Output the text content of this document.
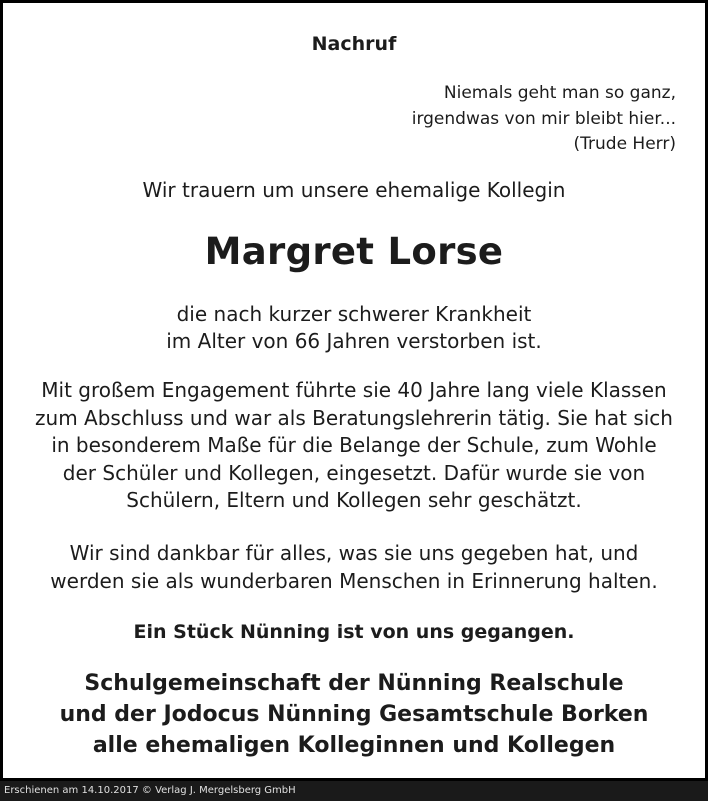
Nachruf
Niemals geht man so ganz,
irgendwas von mir bleibt hier...
(Trude Herr)
Wir trauern um unsere ehemalige Kollegin
Margret Lorse
die nach kurzer schwerer Krankheit
im Alter von 66 Jahren verstorben ist.
Mit großem Engagement führte sie 40 Jahre lang viele Klassen
zum Abschluss und war als Beratungslehrerin tätig. Sie hat sich
in besonderem Maße für die Belange der Schule, zum Wohle
der Schüler und Kollegen, eingesetzt. Dafür wurde sie von
Schülern, Eltern und Kollegen sehr geschätzt.
Wir sind dankbar für alles, was sie uns gegeben hat, und
werden sie als wunderbaren Menschen in Erinnerung halten.
Ein Stück Nünning ist von uns gegangen.
Schulgemeinschaft der Nünning Realschule
und der Jodocus Nünning Gesamtschule Borken
alle ehemaligen Kolleginnen und Kollegen
Erschienen am 14.10.2017 © Verlag J. Mergelsberg GmbH
